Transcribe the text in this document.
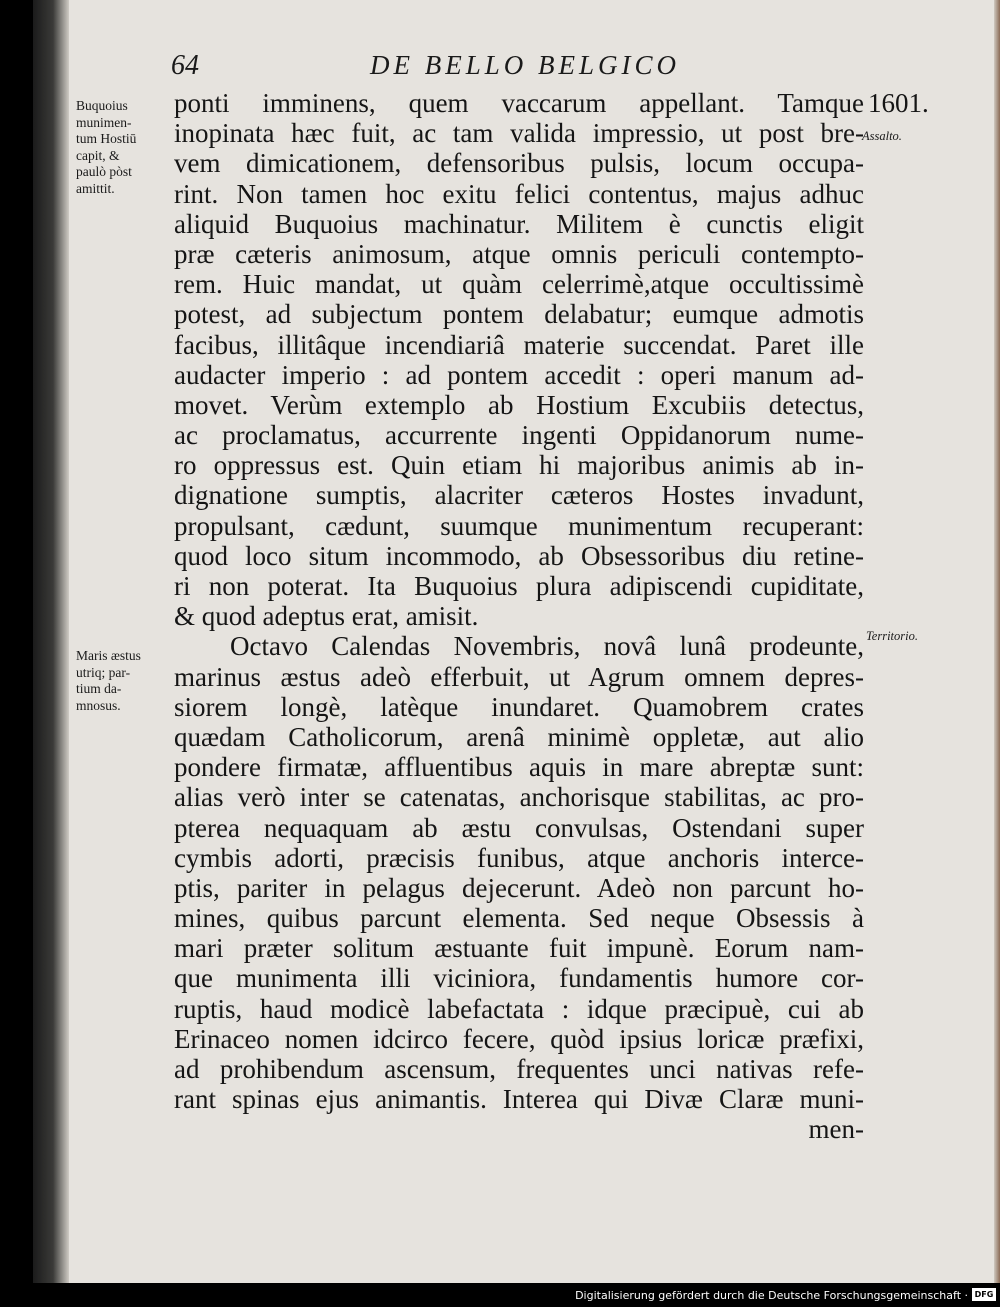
64	DE BELLO BELGICO
1601.
Buquoius
munimen-
tum Hostiū
capit, &
paulò pòst
amittit.
Maris æstus
utriq; par-
tium da-
mnosus.
Assalto.
Territorio.
ponti imminens, quem vaccarum appellant. Tamque
inopinata hæc fuit, ac tam valida impressio, ut post bre-
vem dimicationem, defensoribus pulsis, locum occupa-
rint. Non tamen hoc exitu felici contentus, majus adhuc
aliquid Buquoius machinatur. Militem è cunctis eligit
præ cæteris animosum, atque omnis periculi contempto-
rem. Huic mandat, ut quàm celerrimè,atque occultissimè
potest, ad subjectum pontem delabatur; eumque admotis
facibus, illitâque incendiariâ materie succendat. Paret ille
audacter imperio : ad pontem accedit : operi manum ad-
movet. Verùm extemplo ab Hostium Excubiis detectus,
ac proclamatus, accurrente ingenti Oppidanorum nume-
ro oppressus est. Quin etiam hi majoribus animis ab in-
dignatione sumptis, alacriter cæteros Hostes invadunt,
propulsant, cædunt, suumque munimentum recuperant:
quod loco situm incommodo, ab Obsessoribus diu retine-
ri non poterat. Ita Buquoius plura adipiscendi cupiditate,
& quod adeptus erat, amisit.
Octavo Calendas Novembris, novâ lunâ prodeunte,
marinus æstus adeò efferbuit, ut Agrum omnem depres-
siorem longè, latèque inundaret. Quamobrem crates
quædam Catholicorum, arenâ minimè oppletæ, aut alio
pondere firmatæ, affluentibus aquis in mare abreptæ sunt:
alias verò inter se catenatas, anchorisque stabilitas, ac pro-
pterea nequaquam ab æstu convulsas, Ostendani super
cymbis adorti, præcisis funibus, atque anchoris interce-
ptis, pariter in pelagus dejecerunt. Adeò non parcunt ho-
mines, quibus parcunt elementa. Sed neque Obsessis à
mari præter solitum æstuante fuit impunè. Eorum nam-
que munimenta illi viciniora, fundamentis humore cor-
ruptis, haud modicè labefactata : idque præcipuè, cui ab
Erinaceo nomen idcirco fecere, quòd ipsius loricæ præfixi,
ad prohibendum ascensum, frequentes unci nativas refe-
rant spinas ejus animantis. Interea qui Divæ Claræ muni-
men-
Digitalisierung gefördert durch die Deutsche Forschungsgemeinschaft · DFG
